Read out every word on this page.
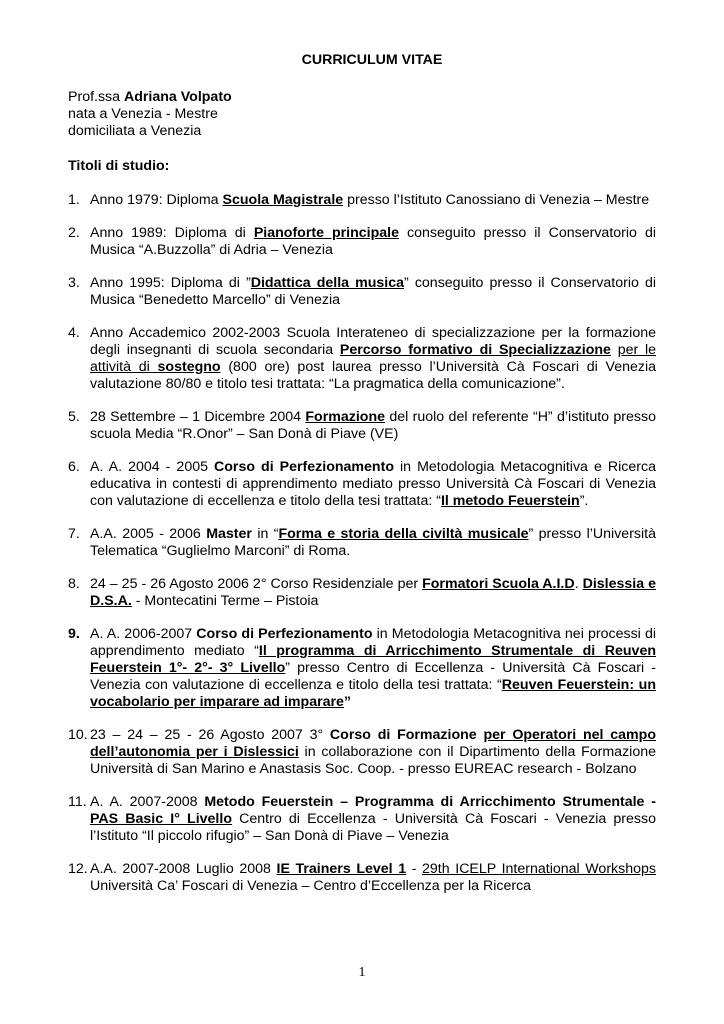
CURRICULUM VITAE

Prof.ssa Adriana Volpato
nata a Venezia - Mestre
domiciliata a Venezia

Titoli di studio:

1. Anno 1979: Diploma Scuola Magistrale presso l’Istituto Canossiano di Venezia – Mestre
2. Anno 1989: Diploma di Pianoforte principale conseguito presso il Conservatorio di Musica “A.Buzzolla” di Adria – Venezia
3. Anno 1995: Diploma di ”Didattica della musica” conseguito presso il Conservatorio di Musica “Benedetto Marcello” di Venezia
4. Anno Accademico 2002-2003 Scuola Interateneo di specializzazione per la formazione degli insegnanti di scuola secondaria Percorso formativo di Specializzazione per le attività di sostegno (800 ore) post laurea presso l’Università Cà Foscari di Venezia valutazione 80/80 e titolo tesi trattata: “La pragmatica della comunicazione”.
5. 28 Settembre – 1 Dicembre 2004 Formazione del ruolo del referente “H” d’istituto presso scuola Media “R.Onor” – San Donà di Piave (VE)
6. A. A. 2004 - 2005 Corso di Perfezionamento in Metodologia Metacognitiva e Ricerca educativa in contesti di apprendimento mediato presso Università Cà Foscari di Venezia con valutazione di eccellenza e titolo della tesi trattata: “Il metodo Feuerstein”.
7. A.A. 2005 - 2006 Master in “Forma e storia della civiltà musicale” presso l’Università Telematica “Guglielmo Marconi” di Roma.
8. 24 – 25 - 26 Agosto 2006 2° Corso Residenziale per Formatori Scuola A.I.D. Dislessia e D.S.A. - Montecatini Terme – Pistoia
9. A. A. 2006-2007 Corso di Perfezionamento in Metodologia Metacognitiva nei processi di apprendimento mediato “Il programma di Arricchimento Strumentale di Reuven Feuerstein 1°- 2°- 3° Livello” presso Centro di Eccellenza - Università Cà Foscari - Venezia con valutazione di eccellenza e titolo della tesi trattata: “Reuven Feuerstein: un vocabolario per imparare ad imparare”
10. 23 – 24 – 25 - 26 Agosto 2007 3° Corso di Formazione per Operatori nel campo dell’autonomia per i Dislessici in collaborazione con il Dipartimento della Formazione Università di San Marino e Anastasis Soc. Coop. - presso EUREAC research - Bolzano
11. A. A. 2007-2008 Metodo Feuerstein – Programma di Arricchimento Strumentale - PAS Basic I° Livello Centro di Eccellenza - Università Cà Foscari - Venezia presso l’Istituto “Il piccolo rifugio” – San Donà di Piave – Venezia
12. A.A. 2007-2008 Luglio 2008 IE Trainers Level 1 - 29th ICELP International Workshops Università Ca’ Foscari di Venezia – Centro d’Eccellenza per la Ricerca
1
